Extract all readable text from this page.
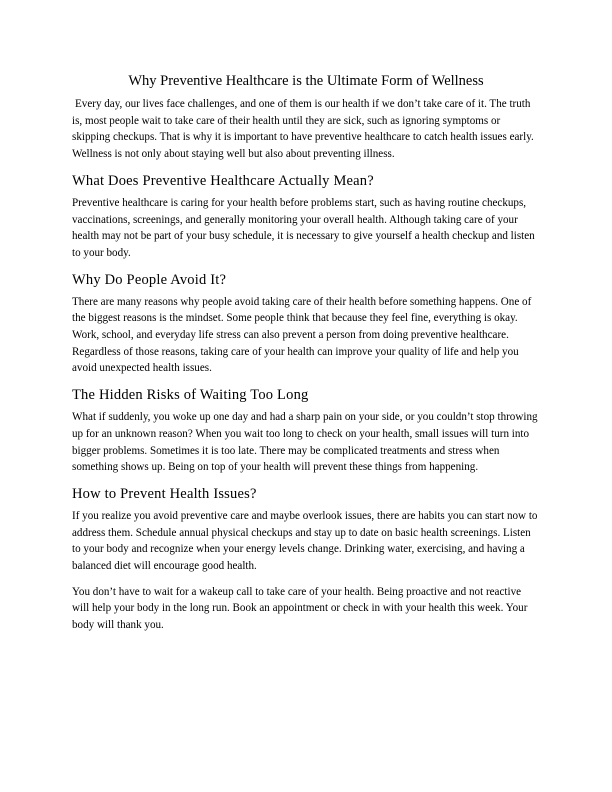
Why Preventive Healthcare is the Ultimate Form of Wellness

Every day, our lives face challenges, and one of them is our health if we don’t take care of it. The truth is, most people wait to take care of their health until they are sick, such as ignoring symptoms or skipping checkups. That is why it is important to have preventive healthcare to catch health issues early. Wellness is not only about staying well but also about preventing illness.

What Does Preventive Healthcare Actually Mean?

Preventive healthcare is caring for your health before problems start, such as having routine checkups, vaccinations, screenings, and generally monitoring your overall health. Although taking care of your health may not be part of your busy schedule, it is necessary to give yourself a health checkup and listen to your body.

Why Do People Avoid It?

There are many reasons why people avoid taking care of their health before something happens. One of the biggest reasons is the mindset. Some people think that because they feel fine, everything is okay. Work, school, and everyday life stress can also prevent a person from doing preventive healthcare. Regardless of those reasons, taking care of your health can improve your quality of life and help you avoid unexpected health issues.

The Hidden Risks of Waiting Too Long

What if suddenly, you woke up one day and had a sharp pain on your side, or you couldn’t stop throwing up for an unknown reason? When you wait too long to check on your health, small issues will turn into bigger problems. Sometimes it is too late. There may be complicated treatments and stress when something shows up. Being on top of your health will prevent these things from happening.

How to Prevent Health Issues?

If you realize you avoid preventive care and maybe overlook issues, there are habits you can start now to address them. Schedule annual physical checkups and stay up to date on basic health screenings. Listen to your body and recognize when your energy levels change. Drinking water, exercising, and having a balanced diet will encourage good health.

You don’t have to wait for a wakeup call to take care of your health. Being proactive and not reactive will help your body in the long run. Book an appointment or check in with your health this week. Your body will thank you.
